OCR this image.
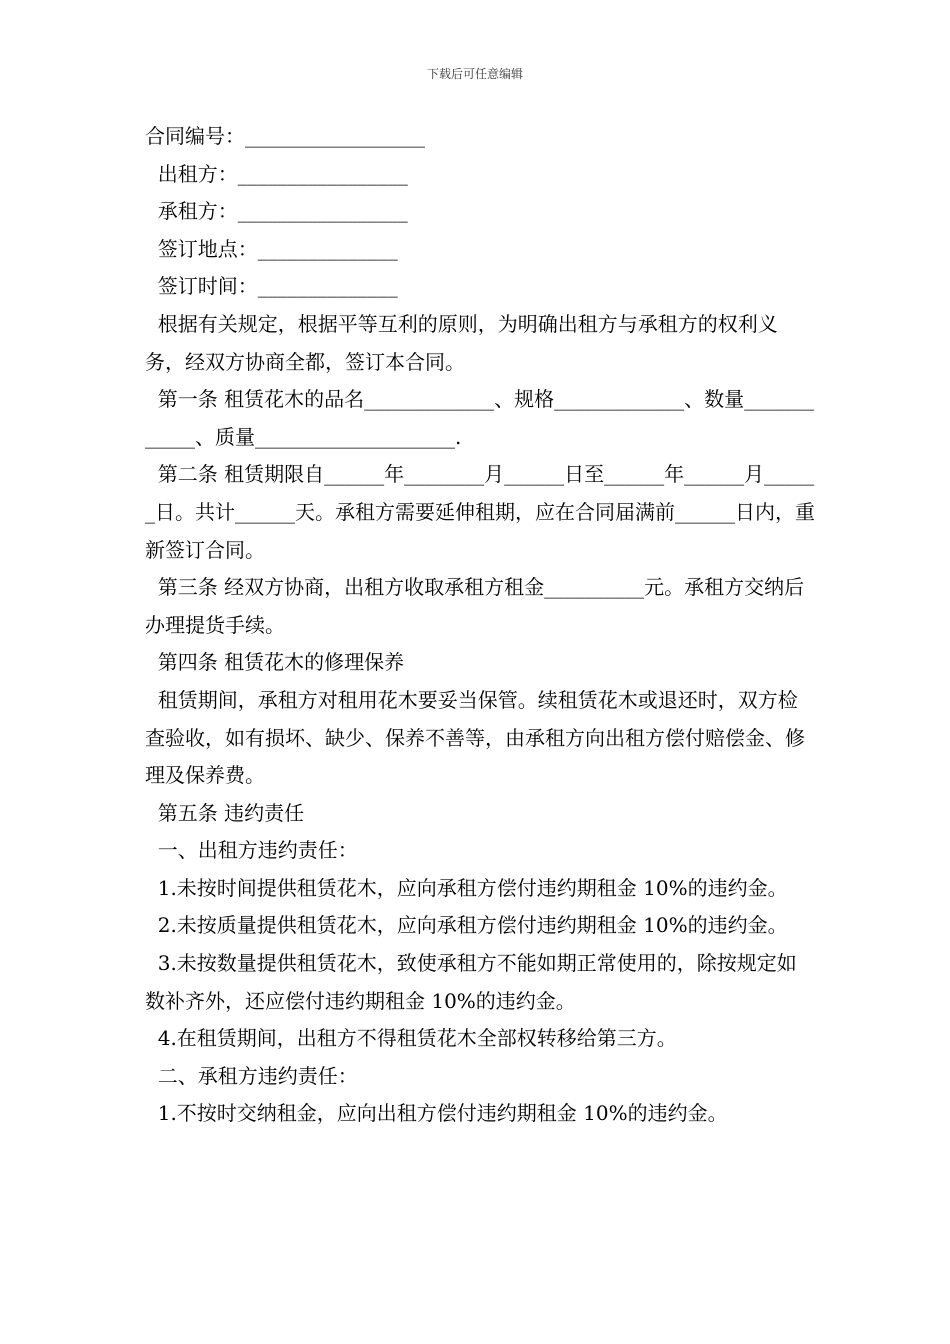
下载后可任意编辑

合同编号：__________________

出租方：_________________

承租方：_________________

签订地点：______________

签订时间：______________

根据有关规定，根据平等互利的原则，为明确出租方与承租方的权利义务，经双方协商全都，签订本合同。

第一条 租赁花木的品名_____________、规格_____________、数量____________、质量____________________.

第二条 租赁期限自______年________月______日至______年______月______日。共计______天。承租方需要延伸租期，应在合同届满前______日内，重新签订合同。

第三条 经双方协商，出租方收取承租方租金__________元。承租方交纳后办理提货手续。

第四条 租赁花木的修理保养

租赁期间，承租方对租用花木要妥当保管。续租赁花木或退还时，双方检查验收，如有损坏、缺少、保养不善等，由承租方向出租方偿付赔偿金、修理及保养费。

第五条 违约责任

一、出租方违约责任：

1.未按时间提供租赁花木，应向承租方偿付违约期租金 10%的违约金。

2.未按质量提供租赁花木，应向承租方偿付违约期租金 10%的违约金。

3.未按数量提供租赁花木，致使承租方不能如期正常使用的，除按规定如数补齐外，还应偿付违约期租金 10%的违约金。

4.在租赁期间，出租方不得租赁花木全部权转移给第三方。

二、承租方违约责任：

1.不按时交纳租金，应向出租方偿付违约期租金 10%的违约金。
